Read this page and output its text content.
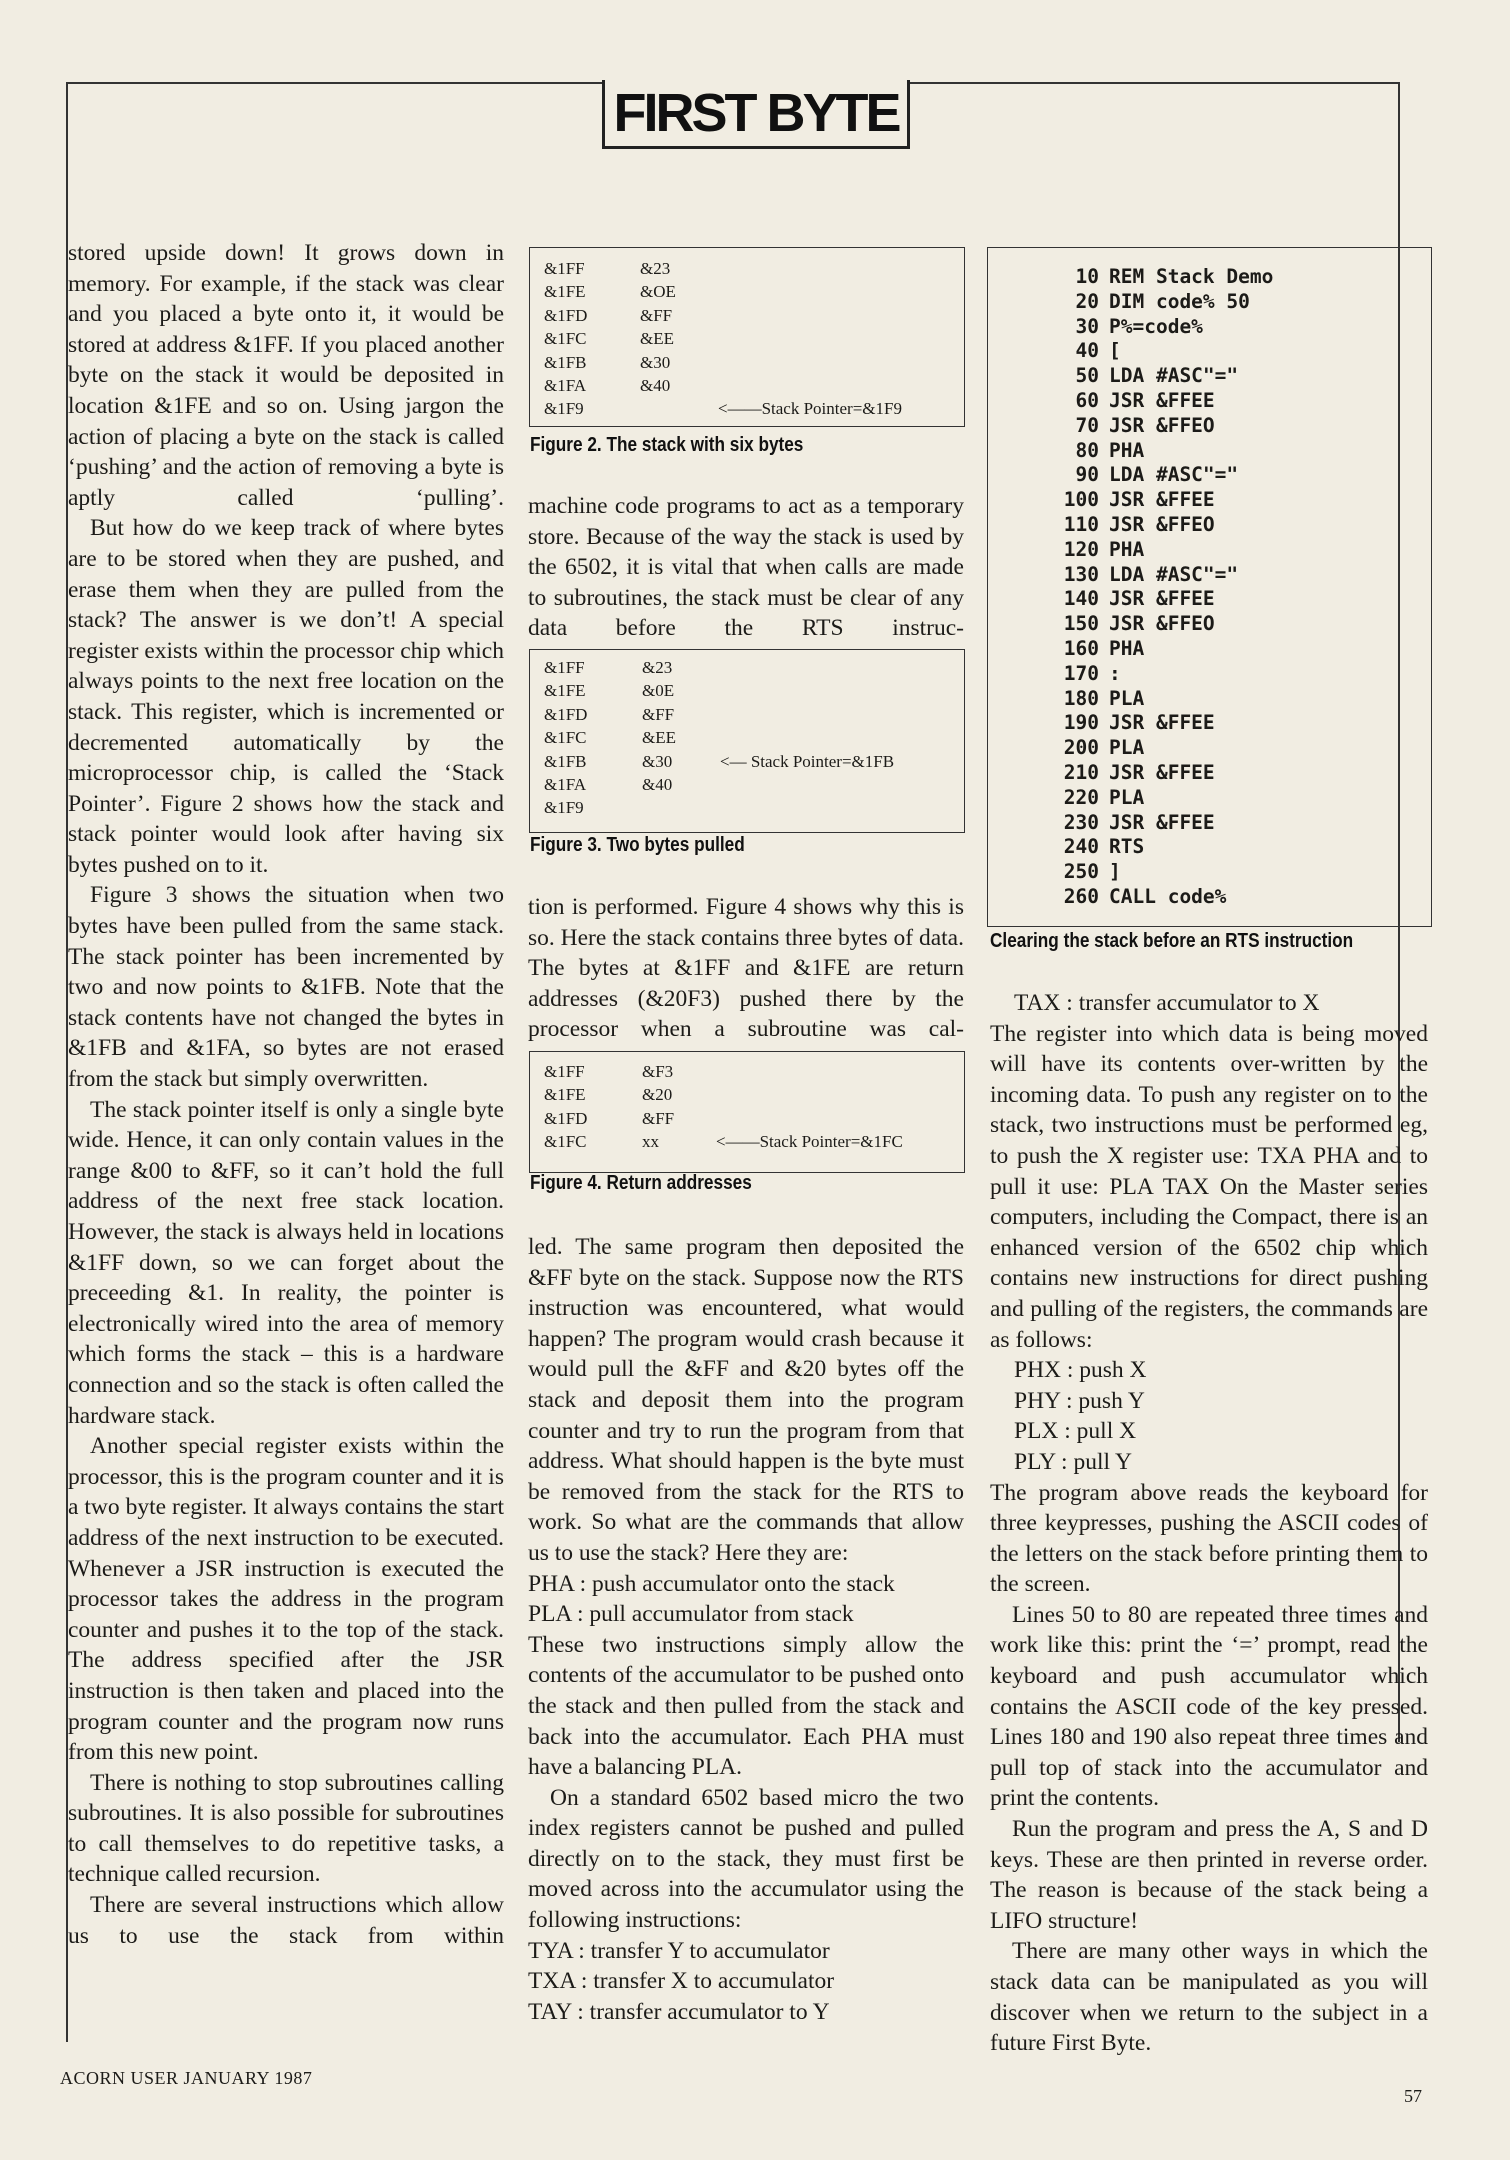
FIRST BYTE

stored upside down! It grows down in memory. For example, if the stack was clear and you placed a byte onto it, it would be stored at address &1FF. If you placed another byte on the stack it would be deposited in location &1FE and so on. Using jargon the action of placing a byte on the stack is called ‘pushing’ and the action of removing a byte is aptly called ‘pulling’.

But how do we keep track of where bytes are to be stored when they are pushed, and erase them when they are pulled from the stack? The answer is we don’t! A special register exists within the processor chip which always points to the next free location on the stack. This register, which is incremented or decremented automatically by the microprocessor chip, is called the ‘Stack Pointer’. Figure 2 shows how the stack and stack pointer would look after having six bytes pushed on to it.

Figure 3 shows the situation when two bytes have been pulled from the same stack. The stack pointer has been incremented by two and now points to &1FB. Note that the stack contents have not changed the bytes in &1FB and &1FA, so bytes are not erased from the stack but simply overwritten.

The stack pointer itself is only a single byte wide. Hence, it can only contain values in the range &00 to &FF, so it can’t hold the full address of the next free stack location. However, the stack is always held in locations &1FF down, so we can forget about the preceeding &1. In reality, the pointer is electronically wired into the area of memory which forms the stack – this is a hardware connection and so the stack is often called the hardware stack.

Another special register exists within the processor, this is the program counter and it is a two byte register. It always contains the start address of the next instruction to be executed. Whenever a JSR instruction is executed the processor takes the address in the program counter and pushes it to the top of the stack. The address specified after the JSR instruction is then taken and placed into the program counter and the program now runs from this new point.

There is nothing to stop subroutines calling subroutines. It is also possible for subroutines to call themselves to do repetitive tasks, a technique called recursion.

There are several instructions which allow us to use the stack from within

&1FF	&23
&1FE	&OE
&1FD	&FF
&1FC	&EE
&1FB	&30
&1FA	&40
&1F9	<——Stack Pointer=&1F9
Figure 2. The stack with six bytes

machine code programs to act as a temporary store. Because of the way the stack is used by the 6502, it is vital that when calls are made to subroutines, the stack must be clear of any data before the RTS instruc-

&1FF	&23
&1FE	&0E
&1FD	&FF
&1FC	&EE
&1FB	&30	<— Stack Pointer=&1FB
&1FA	&40
&1F9
Figure 3. Two bytes pulled

tion is performed. Figure 4 shows why this is so. Here the stack contains three bytes of data. The bytes at &1FF and &1FE are return addresses (&20F3) pushed there by the processor when a subroutine was cal-

&1FF	&F3
&1FE	&20
&1FD	&FF
&1FC	xx	<——Stack Pointer=&1FC
Figure 4. Return addresses

led. The same program then deposited the &FF byte on the stack. Suppose now the RTS instruction was encountered, what would happen? The program would crash because it would pull the &FF and &20 bytes off the stack and deposit them into the program counter and try to run the program from that address. What should happen is the byte must be removed from the stack for the RTS to work. So what are the commands that allow us to use the stack? Here they are:

PHA : push accumulator onto the stack

PLA : pull accumulator from stack

These two instructions simply allow the contents of the accumulator to be pushed onto the stack and then pulled from the stack and back into the accumulator. Each PHA must have a balancing PLA.

On a standard 6502 based micro the two index registers cannot be pushed and pulled directly on to the stack, they must first be moved across into the accumulator using the following instructions:

TYA : transfer Y to accumulator

TXA : transfer X to accumulator

TAY : transfer accumulator to Y

10 REM Stack Demo
20 DIM code% 50
30 P%=code%
40 [
50 LDA #ASC"="
60 JSR &FFEE
70 JSR &FFEO
80 PHA
90 LDA #ASC"="
100 JSR &FFEE
110 JSR &FFEO
120 PHA
130 LDA #ASC"="
140 JSR &FFEE
150 JSR &FFEO
160 PHA
170 :
180 PLA
190 JSR &FFEE
200 PLA
210 JSR &FFEE
220 PLA
230 JSR &FFEE
240 RTS
250 ]
260 CALL code%
Clearing the stack before an RTS instruction

TAX : transfer accumulator to X

The register into which data is being moved will have its contents over-written by the incoming data. To push any register on to the stack, two instructions must be performed eg, to push the X register use: TXA PHA and to pull it use: PLA TAX On the Master series computers, including the Compact, there is an enhanced version of the 6502 chip which contains new instructions for direct pushing and pulling of the registers, the commands are as follows:

PHX : push X

PHY : push Y

PLX : pull X

PLY : pull Y

The program above reads the keyboard for three keypresses, pushing the ASCII codes of the letters on the stack before printing them to the screen.

Lines 50 to 80 are repeated three times and work like this: print the ‘=’ prompt, read the keyboard and push accumulator which contains the ASCII code of the key pressed. Lines 180 and 190 also repeat three times and pull top of stack into the accumulator and print the contents.

Run the program and press the A, S and D keys. These are then printed in reverse order. The reason is because of the stack being a LIFO structure!

There are many other ways in which the stack data can be manipulated as you will discover when we return to the subject in a future First Byte.

ACORN USER JANUARY 1987
57
